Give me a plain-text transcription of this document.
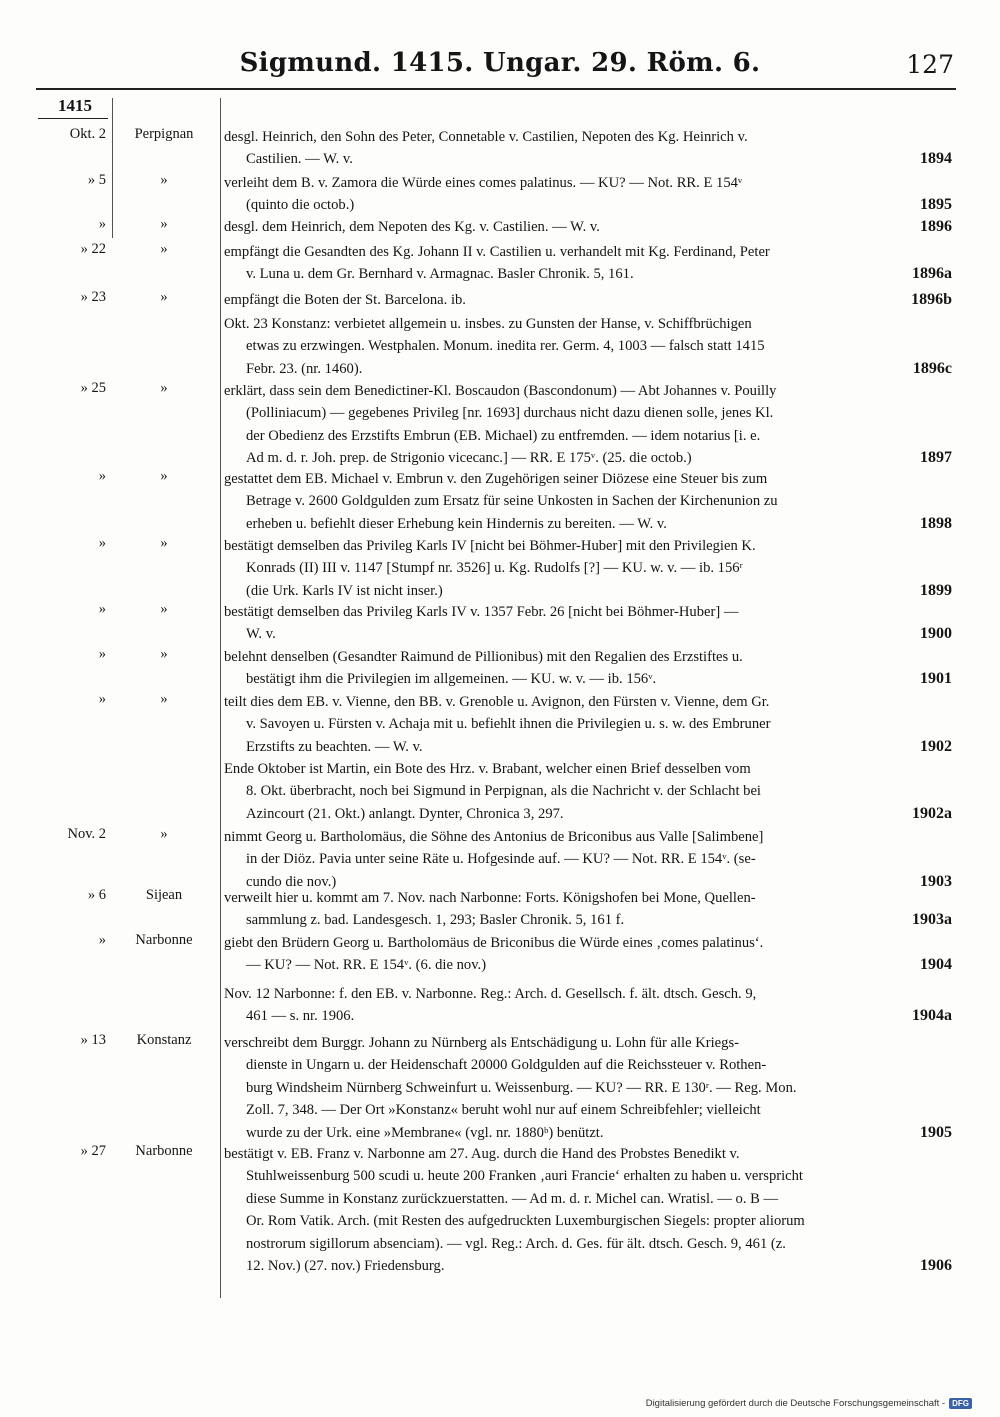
Sigmund. 1415. Ungar. 29. Röm. 6.	127
1415
Okt. 2	Perpignan	desgl. Heinrich, den Sohn des Peter, Connetable v. Castilien, Nepoten des Kg. Heinrich v.
Castilien. — W. v.	1894
» 5	»	verleiht dem B. v. Zamora die Würde eines comes palatinus. — KU? — Not. RR. E 154ᵛ
(quinto die octob.)	1895
»	»	desgl. dem Heinrich, dem Nepoten des Kg. v. Castilien. — W. v.	1896
» 22	»	empfängt die Gesandten des Kg. Johann II v. Castilien u. verhandelt mit Kg. Ferdinand, Peter
v. Luna u. dem Gr. Bernhard v. Armagnac. Basler Chronik. 5, 161.	1896a
» 23	»	empfängt die Boten der St. Barcelona. ib.	1896b
Okt. 23 Konstanz: verbietet allgemein u. insbes. zu Gunsten der Hanse, v. Schiffbrüchigen
etwas zu erzwingen. Westphalen. Monum. inedita rer. Germ. 4, 1003 — falsch statt 1415
Febr. 23. (nr. 1460).	1896c
» 25	»	erklärt, dass sein dem Benedictiner-Kl. Boscaudon (Bascondonum) — Abt Johannes v. Pouilly
(Polliniacum) — gegebenes Privileg [nr. 1693] durchaus nicht dazu dienen solle, jenes Kl.
der Obedienz des Erzstifts Embrun (EB. Michael) zu entfremden. — idem notarius [i. e.
Ad m. d. r. Joh. prep. de Strigonio vicecanc.] — RR. E 175ᵛ. (25. die octob.)	1897
»	»	gestattet dem EB. Michael v. Embrun v. den Zugehörigen seiner Diözese eine Steuer bis zum
Betrage v. 2600 Goldgulden zum Ersatz für seine Unkosten in Sachen der Kirchenunion zu
erheben u. befiehlt dieser Erhebung kein Hindernis zu bereiten. — W. v.	1898
»	»	bestätigt demselben das Privileg Karls IV [nicht bei Böhmer-Huber] mit den Privilegien K.
Konrads (II) III v. 1147 [Stumpf nr. 3526] u. Kg. Rudolfs [?] — KU. w. v. — ib. 156ʳ
(die Urk. Karls IV ist nicht inser.)	1899
»	»	bestätigt demselben das Privileg Karls IV v. 1357 Febr. 26 [nicht bei Böhmer-Huber] —
W. v.	1900
»	»	belehnt denselben (Gesandter Raimund de Pillionibus) mit den Regalien des Erzstiftes u.
bestätigt ihm die Privilegien im allgemeinen. — KU. w. v. — ib. 156ᵛ.	1901
»	»	teilt dies dem EB. v. Vienne, den BB. v. Grenoble u. Avignon, den Fürsten v. Vienne, dem Gr.
v. Savoyen u. Fürsten v. Achaja mit u. befiehlt ihnen die Privilegien u. s. w. des Embruner
Erzstifts zu beachten. — W. v.	1902
Ende Oktober ist Martin, ein Bote des Hrz. v. Brabant, welcher einen Brief desselben vom
8. Okt. überbracht, noch bei Sigmund in Perpignan, als die Nachricht v. der Schlacht bei
Azincourt (21. Okt.) anlangt. Dynter, Chronica 3, 297.	1902a
Nov. 2	»	nimmt Georg u. Bartholomäus, die Söhne des Antonius de Briconibus aus Valle [Salimbene]
in der Diöz. Pavia unter seine Räte u. Hofgesinde auf. — KU? — Not. RR. E 154ᵛ. (se-
cundo die nov.)	1903
» 6	Sijean	verweilt hier u. kommt am 7. Nov. nach Narbonne: Forts. Königshofen bei Mone, Quellen-
sammlung z. bad. Landesgesch. 1, 293; Basler Chronik. 5, 161 f.	1903a
»	Narbonne	giebt den Brüdern Georg u. Bartholomäus de Briconibus die Würde eines ‚comes palatinus‘.
— KU? — Not. RR. E 154ᵛ. (6. die nov.)	1904
Nov. 12 Narbonne: f. den EB. v. Narbonne. Reg.: Arch. d. Gesellsch. f. ält. dtsch. Gesch. 9,
461 — s. nr. 1906.	1904a
» 13	Konstanz	verschreibt dem Burggr. Johann zu Nürnberg als Entschädigung u. Lohn für alle Kriegs-
dienste in Ungarn u. der Heidenschaft 20000 Goldgulden auf die Reichssteuer v. Rothen-
burg Windsheim Nürnberg Schweinfurt u. Weissenburg. — KU? — RR. E 130ʳ. — Reg. Mon.
Zoll. 7, 348. — Der Ort »Konstanz« beruht wohl nur auf einem Schreibfehler; vielleicht
wurde zu der Urk. eine »Membrane« (vgl. nr. 1880ᵇ) benützt.	1905
» 27	Narbonne	bestätigt v. EB. Franz v. Narbonne am 27. Aug. durch die Hand des Probstes Benedikt v.
Stuhlweissenburg 500 scudi u. heute 200 Franken ‚auri Francie‘ erhalten zu haben u. verspricht
diese Summe in Konstanz zurückzuerstatten. — Ad m. d. r. Michel can. Wratisl. — o. B —
Or. Rom Vatik. Arch. (mit Resten des aufgedruckten Luxemburgischen Siegels: propter aliorum
nostrorum sigillorum absenciam). — vgl. Reg.: Arch. d. Ges. für ält. dtsch. Gesch. 9, 461 (z.
12. Nov.) (27. nov.) Friedensburg.	1906
Digitalisierung gefördert durch die Deutsche Forschungsgemeinschaft - DFG
